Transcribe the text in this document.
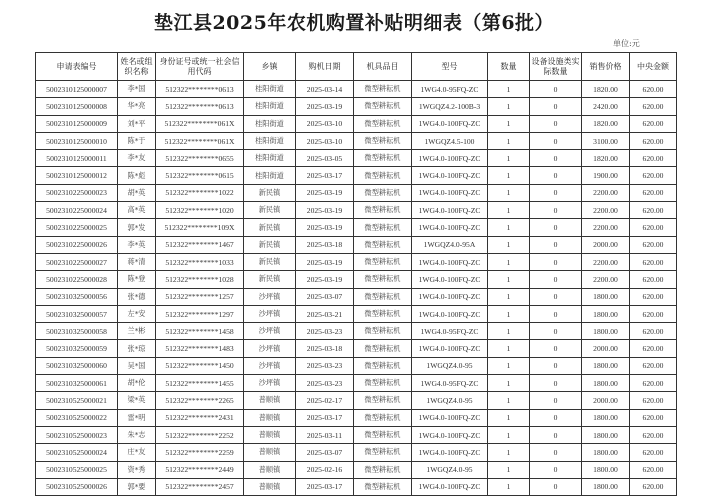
垫江县2025年农机购置补贴明细表（第6批）
单位:元
申请表编号	姓名或组织名称	身份证号或统一社会信用代码	乡镇	购机日期	机具品目	型号	数量	设备设施类实际数量	销售价格	中央金额
5002310125000007	李*国	512322********0613	桂阳街道	2025-03-14	微型耕耘机	1WG4.0-95FQ-ZC	1	0	1820.00	620.00
5002310125000008	华*亮	512322********0613	桂阳街道	2025-03-19	微型耕耘机	1WGQZ4.2-100B-3	1	0	2420.00	620.00
5002310125000009	刘*平	512322********061X	桂阳街道	2025-03-10	微型耕耘机	1WG4.0-100FQ-ZC	1	0	1820.00	620.00
5002310125000010	陈*于	512322********061X	桂阳街道	2025-03-10	微型耕耘机	1WGQZ4.5-100	1	0	3100.00	620.00
5002310125000011	李*友	512322********0655	桂阳街道	2025-03-05	微型耕耘机	1WG4.0-100FQ-ZC	1	0	1820.00	620.00
5002310125000012	陈*彪	512322********0615	桂阳街道	2025-03-17	微型耕耘机	1WG4.0-100FQ-ZC	1	0	1900.00	620.00
5002310225000023	胡*英	512322********1022	新民镇	2025-03-19	微型耕耘机	1WG4.0-100FQ-ZC	1	0	2200.00	620.00
5002310225000024	高*英	512322********1020	新民镇	2025-03-19	微型耕耘机	1WG4.0-100FQ-ZC	1	0	2200.00	620.00
5002310225000025	郭*发	512322********109X	新民镇	2025-03-19	微型耕耘机	1WG4.0-100FQ-ZC	1	0	2200.00	620.00
5002310225000026	李*英	512322********1467	新民镇	2025-03-18	微型耕耘机	1WGQZ4.0-95A	1	0	2000.00	620.00
5002310225000027	蒋*清	512322********1033	新民镇	2025-03-19	微型耕耘机	1WG4.0-100FQ-ZC	1	0	2200.00	620.00
5002310225000028	陈*登	512322********1028	新民镇	2025-03-19	微型耕耘机	1WG4.0-100FQ-ZC	1	0	2200.00	620.00
5002310325000056	张*德	512322********1257	沙坪镇	2025-03-07	微型耕耘机	1WG4.0-100FQ-ZC	1	0	1800.00	620.00
5002310325000057	左*安	512322********1297	沙坪镇	2025-03-21	微型耕耘机	1WG4.0-100FQ-ZC	1	0	1800.00	620.00
5002310325000058	兰*彬	512322********1458	沙坪镇	2025-03-23	微型耕耘机	1WG4.0-95FQ-ZC	1	0	1800.00	620.00
5002310325000059	张*琼	512322********1483	沙坪镇	2025-03-18	微型耕耘机	1WG4.0-100FQ-ZC	1	0	2000.00	620.00
5002310325000060	吴*国	512322********1450	沙坪镇	2025-03-23	微型耕耘机	1WGQZ4.0-95	1	0	1800.00	620.00
5002310325000061	胡*伦	512322********1455	沙坪镇	2025-03-23	微型耕耘机	1WG4.0-95FQ-ZC	1	0	1800.00	620.00
5002310525000021	梁*英	512322********2265	普顺镇	2025-02-17	微型耕耘机	1WGQZ4.0-95	1	0	2000.00	620.00
5002310525000022	雷*明	512322********2431	普顺镇	2025-03-17	微型耕耘机	1WG4.0-100FQ-ZC	1	0	1800.00	620.00
5002310525000023	朱*志	512322********2252	普顺镇	2025-03-11	微型耕耘机	1WG4.0-100FQ-ZC	1	0	1800.00	620.00
5002310525000024	庄*友	512322********2259	普顺镇	2025-03-07	微型耕耘机	1WG4.0-100FQ-ZC	1	0	1800.00	620.00
5002310525000025	资*秀	512322********2449	普顺镇	2025-02-16	微型耕耘机	1WGQZ4.0-95	1	0	1800.00	620.00
5002310525000026	郭*要	512322********2457	普顺镇	2025-03-17	微型耕耘机	1WG4.0-100FQ-ZC	1	0	1800.00	620.00
